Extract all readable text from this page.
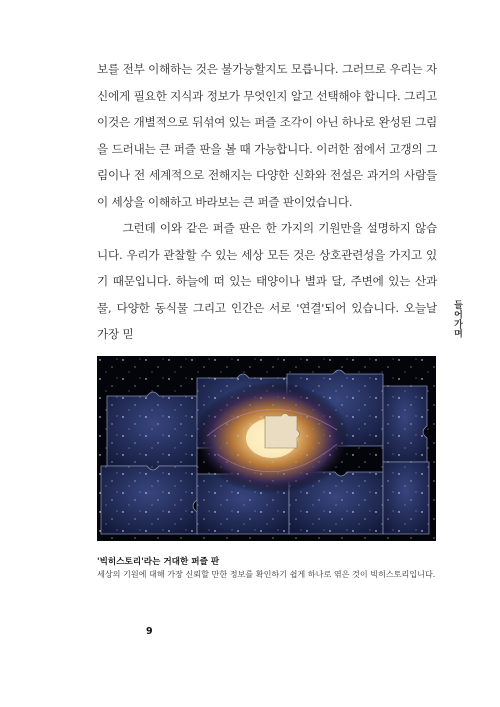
보를 전부 이해하는 것은 불가능할지도 모릅니다. 그러므로 우리는 자신에게 필요한 지식과 정보가 무엇인지 알고 선택해야 합니다. 그리고 이것은 개별적으로 뒤섞여 있는 퍼즐 조각이 아닌 하나로 완성된 그림을 드러내는 큰 퍼즐 판을 볼 때 가능합니다. 이러한 점에서 고갱의 그림이나 전 세계적으로 전해지는 다양한 신화와 전설은 과거의 사람들이 세상을 이해하고 바라보는 큰 퍼즐 판이었습니다.

그런데 이와 같은 퍼즐 판은 한 가지의 기원만을 설명하지 않습니다. 우리가 관찰할 수 있는 세상 모든 것은 상호관련성을 가지고 있기 때문입니다. 하늘에 떠 있는 태양이나 별과 달, 주변에 있는 산과 물, 다양한 동식물 그리고 인간은 서로 '연결'되어 있습니다. 오늘날 가장 믿	들어가며
'빅히스토리'라는 거대한 퍼즐 판
세상의 기원에 대해 가장 신뢰할 만한 정보를 확인하기 쉽게 하나로 엮은 것이 빅히스토리입니다.
9
